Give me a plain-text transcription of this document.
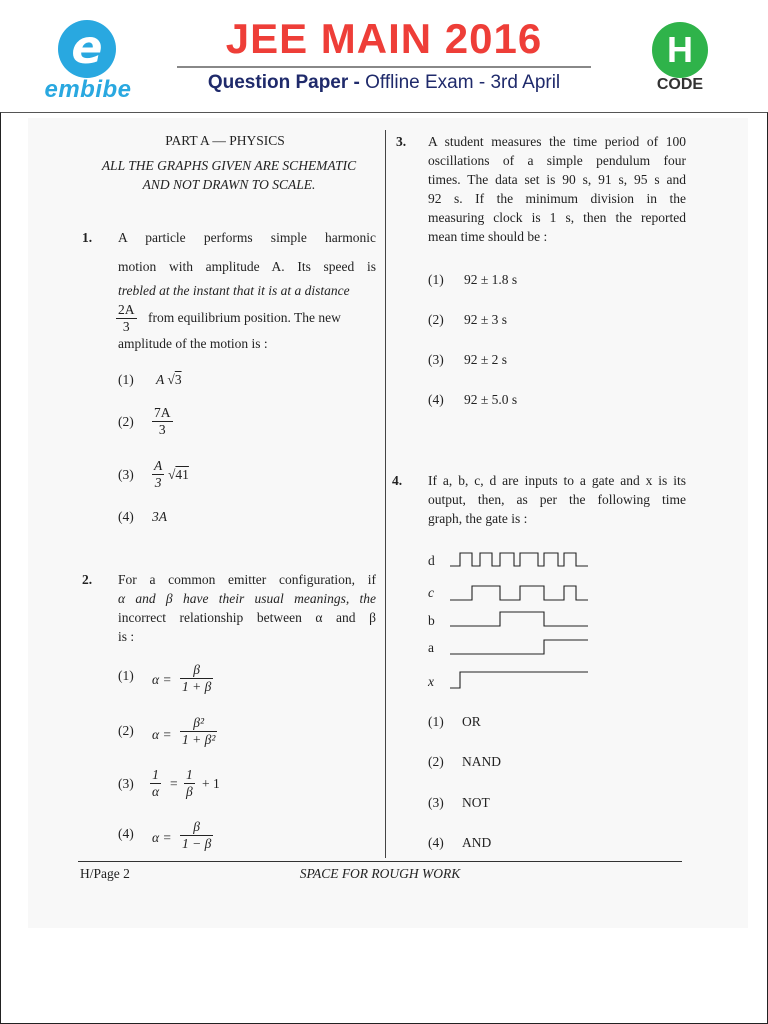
e
embibe
JEE MAIN 2016
Question Paper - Offline Exam - 3rd April
H
CODE
PART A — PHYSICS
ALL THE GRAPHS GIVEN ARE SCHEMATIC
AND NOT DRAWN TO SCALE.
1. A particle performs simple harmonic
motion with amplitude A. Its speed is
trebled at the instant that it is at a distance
$\frac{2A}{3}$ from equilibrium position. The new
amplitude of the motion is :
(1) A √3
$(2) \frac{7A}{3}$
$(3) \frac{A}{3} √41$
(4) 3A
2. For a common emitter configuration, if
α and β have their usual meanings, the
incorrect relationship between α and β
is :
(1) $\alpha = \frac{\beta}{1 + \beta}$
(2) $\alpha = \frac{\text{β²}}{\text{1 + β²}}$
$(3) \frac{1}{\alpha} = \frac{1}{\beta} + 1$
(4) $\alpha = \frac{\beta}{1 - \beta}$
3. A student measures the time period of 100
oscillations of a simple pendulum four
times. The data set is 90 s, 91 s, 95 s and
92 s. If the minimum division in the
measuring clock is 1 s, then the reported
mean time should be :
(1) 92 ± 1.8 s
(2) 92 ± 3 s
(3) 92 ± 2 s
(4) 92 ± 5.0 s
4. If a, b, c, d are inputs to a gate and x is its
output, then, as per the following time
graph, the gate is :
d
c
b
a
x
(1) OR
(2) NAND
(3) NOT
(4) AND
H/Page 2	SPACE FOR ROUGH WORK
